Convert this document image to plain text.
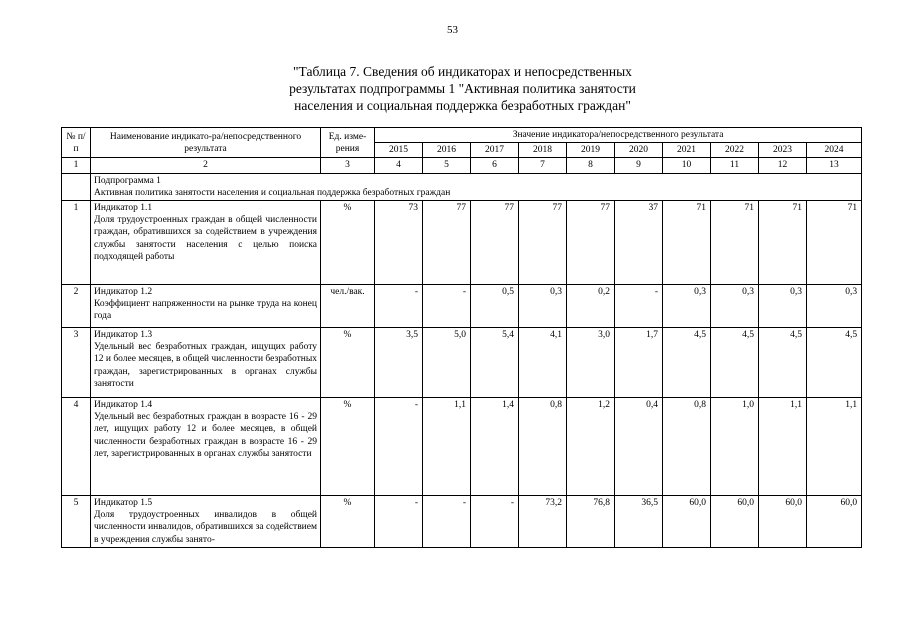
53
"Таблица 7. Сведения об индикаторах и непосредственных
результатах подпрограммы 1 "Активная политика занятости
населения и социальная поддержка безработных граждан"
№ п/п	Наименование индикато-ра/непосредственного результата	Ед. изме-рения	Значение индикатора/непосредственного результата									
			2015	2016	2017	2018	2019	2020	2021	2022	2023	2024
1	2	3	4	5	6	7	8	9	10	11	12	13

	Подпрограмма 1
Активная политика занятости населения и социальная поддержка безработных граждан											

1	Индикатор 1.1
Доля трудоустроенных граждан в общей численности граждан, обратившихся за содействием в учреждения службы занятости населения с целью поиска подходящей работы	%	73	77	77	77	77	37	71	71	71	71
2	Индикатор 1.2
Коэффициент напряженности на рынке труда на конец года	чел./вак.	-	-	0,5	0,3	0,2	-	0,3	0,3	0,3	0,3
3	Индикатор 1.3
Удельный вес безработных граждан, ищущих работу 12 и более месяцев, в общей численности безработных граждан, зарегистрированных в органах службы занятости	%	3,5	5,0	5,4	4,1	3,0	1,7	4,5	4,5	4,5	4,5
4	Индикатор 1.4
Удельный вес безработных граждан в возрасте 16 - 29 лет, ищущих работу 12 и более месяцев, в общей численности безработных граждан в возрасте 16 - 29 лет, зарегистрированных в органах службы занятости	%	-	1,1	1,4	0,8	1,2	0,4	0,8	1,0	1,1	1,1
5	Индикатор 1.5
Доля трудоустроенных инвалидов в общей численности инвалидов, обратившихся за содействием в учреждения службы занято-	%	-	-	-	73,2	76,8	36,5	60,0	60,0	60,0	60,0
